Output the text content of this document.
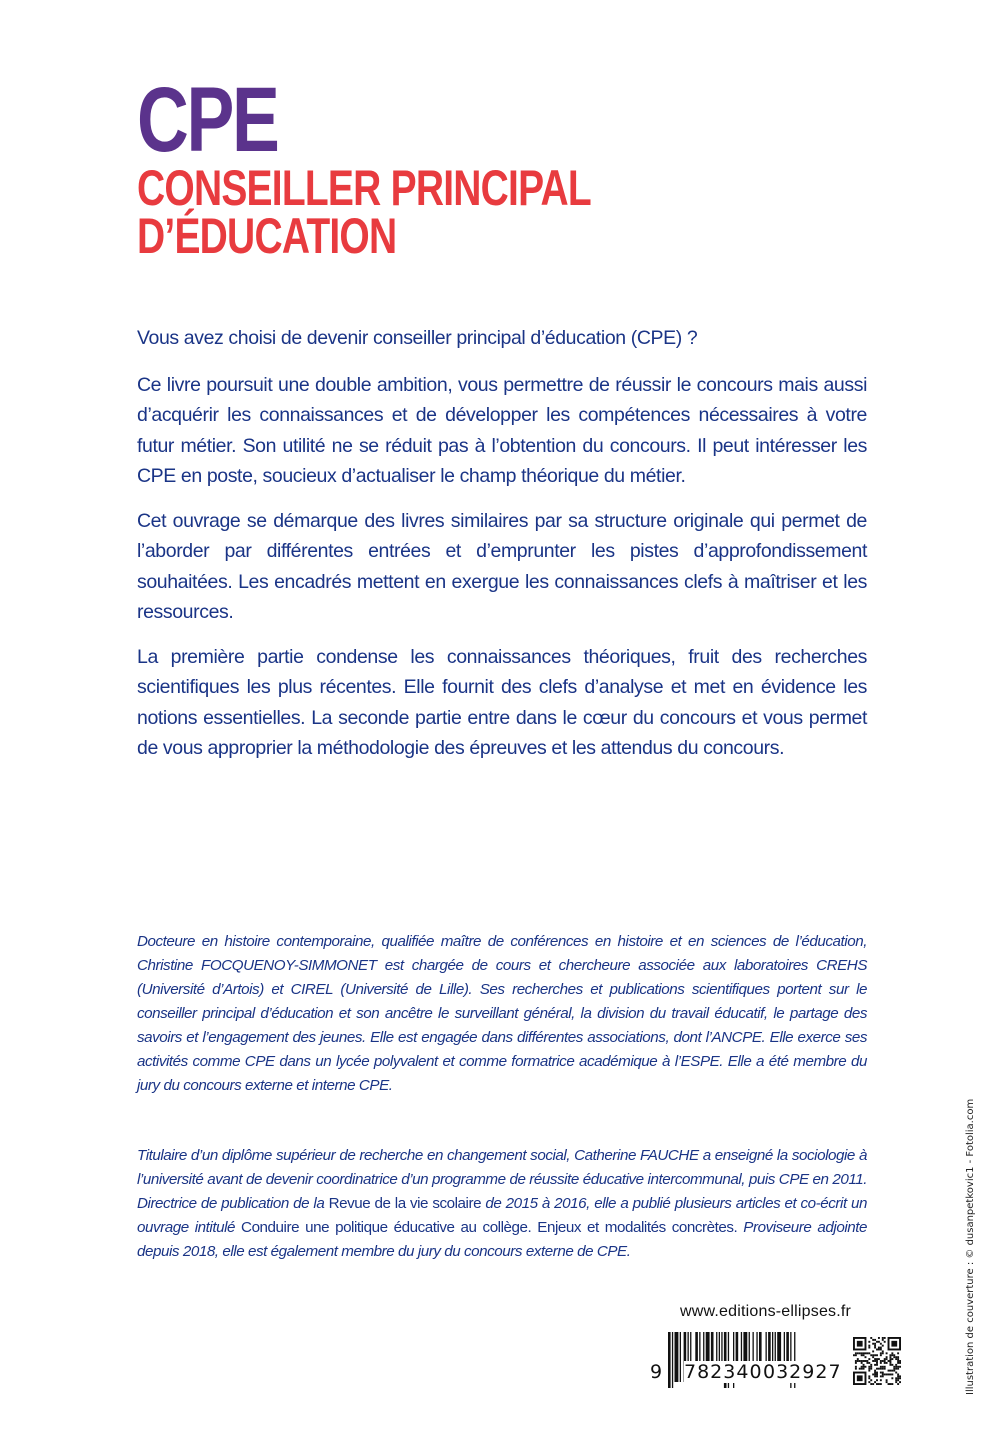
CPE
CONSEILLER PRINCIPAL
D’ÉDUCATION

Vous avez choisi de devenir conseiller principal d’éducation (CPE) ?

Ce livre poursuit une double ambition, vous permettre de réussir le concours mais aussi d’acquérir les connaissances et de développer les compétences nécessaires à votre futur métier. Son utilité ne se réduit pas à l’obtention du concours. Il peut intéresser les CPE en poste, soucieux d’actualiser le champ théorique du métier.

Cet ouvrage se démarque des livres similaires par sa structure originale qui permet de l’aborder par différentes entrées et d’emprunter les pistes d’approfondissement souhaitées. Les encadrés mettent en exergue les connaissances clefs à maîtriser et les ressources.

La première partie condense les connaissances théoriques, fruit des recherches scientifiques les plus récentes. Elle fournit des clefs d’analyse et met en évidence les notions essentielles. La seconde partie entre dans le cœur du concours et vous permet de vous approprier la méthodologie des épreuves et les attendus du concours.

Docteure en histoire contemporaine, qualifiée maître de conférences en histoire et en sciences de l’éducation, Christine FOCQUENOY-SIMMONET est chargée de cours et chercheure associée aux laboratoires CREHS (Université d’Artois) et CIREL (Université de Lille). Ses recherches et publications scientifiques portent sur le conseiller principal d’éducation et son ancêtre le surveillant général, la division du travail éducatif, le partage des savoirs et l’engagement des jeunes. Elle est engagée dans différentes associations, dont l’ANCPE. Elle exerce ses activités comme CPE dans un lycée polyvalent et comme formatrice académique à l’ESPE. Elle a été membre du jury du concours externe et interne CPE.
Titulaire d’un diplôme supérieur de recherche en changement social, Catherine FAUCHE a enseigné la sociologie à l’université avant de devenir coordinatrice d’un programme de réussite éducative intercommunal, puis CPE en 2011. Directrice de publication de la Revue de la vie scolaire de 2015 à 2016, elle a publié plusieurs articles et co-écrit un ouvrage intitulé Conduire une politique éducative au collège. Enjeux et modalités concrètes. Proviseure adjointe depuis 2018, elle est également membre du jury du concours externe de CPE.
www.editions-ellipses.fr
9 782340 032927	Illustration de couverture : © dusanpetkovic1 - Fotolia.com
